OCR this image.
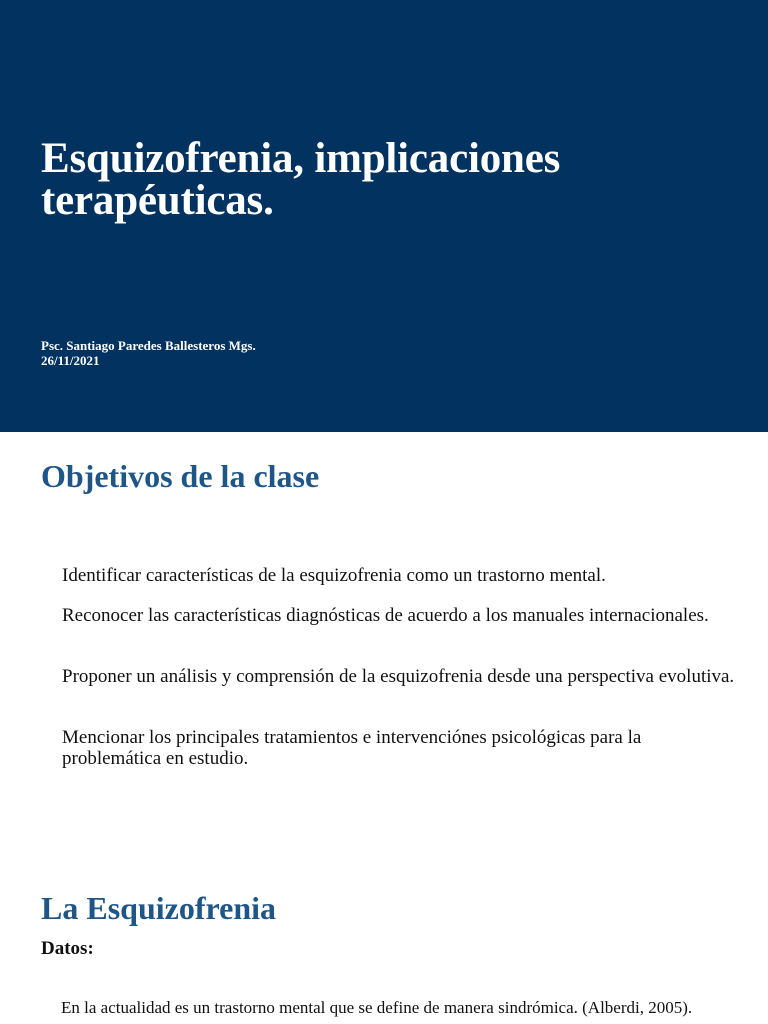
Esquizofrenia, implicaciones terapéuticas.

Psc. Santiago Paredes Ballesteros Mgs.

26/11/2021

Objetivos de la clase

Identificar características de la esquizofrenia como un trastorno mental.

Reconocer las características diagnósticas de acuerdo a los manuales internacionales.

Proponer un análisis y comprensión de la esquizofrenia desde una perspectiva evolutiva.

Mencionar los principales tratamientos e intervenciónes psicológicas para la problemática en estudio.

La Esquizofrenia

Datos:

En la actualidad es un trastorno mental que se define de manera sindrómica. (Alberdi, 2005).
